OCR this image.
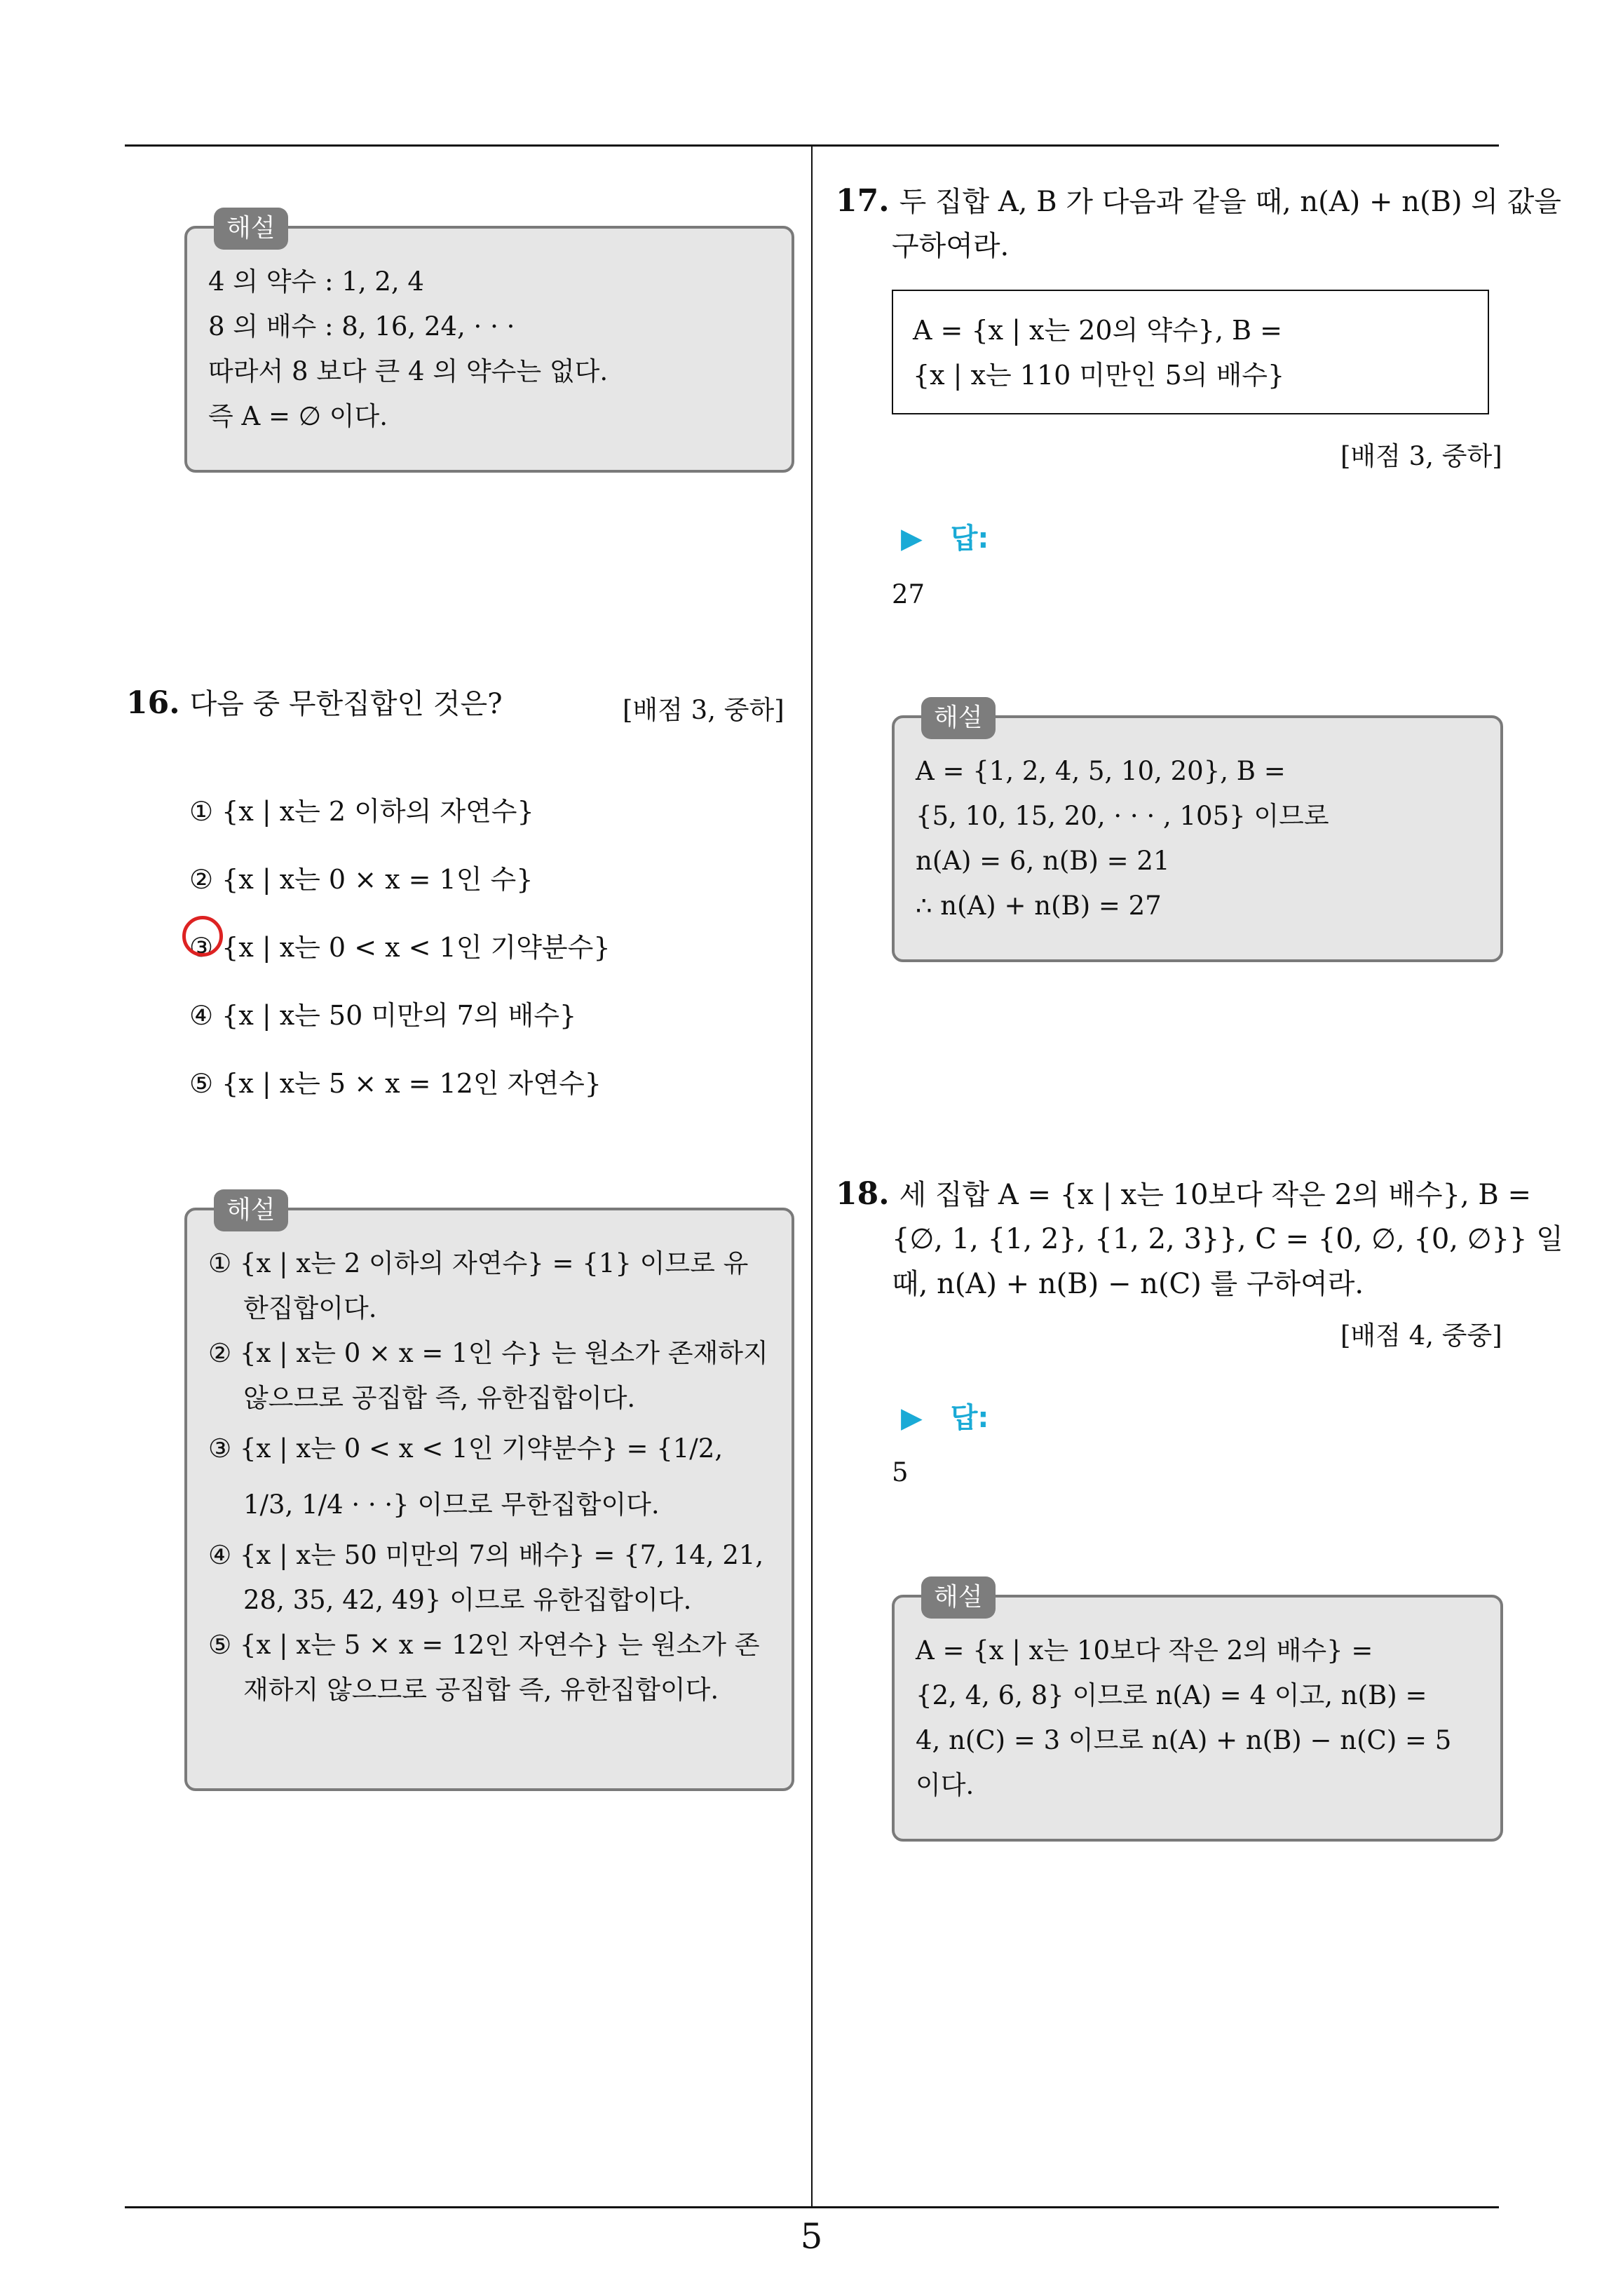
해설

4 의 약수 : 1, 2, 4

8 의 배수 : 8, 16, 24, · · ·

따라서 8 보다 큰 4 의 약수는 없다.

즉 A = ∅ 이다.

16. 다음 중 무한집합인 것은?	[배점 3, 중하]
① {x | x는 2 이하의 자연수}
② {x | x는 0 × x = 1인 수}
③ {x | x는 0 < x < 1인 기약분수}
④ {x | x는 50 미만의 7의 배수}
⑤ {x | x는 5 × x = 12인 자연수}
해설

① {x | x는 2 이하의 자연수} = {1} 이므로 유한집합이다.

② {x | x는 0 × x = 1인 수} 는 원소가 존재하지 않으므로 공집합 즉, 유한집합이다.

③ {x | x는 0 < x < 1인 기약분수} = {1/2, 1/3, 1/4 · · ·} 이므로 무한집합이다.

④ {x | x는 50 미만의 7의 배수} = {7, 14, 21, 28, 35, 42, 49} 이므로 유한집합이다.

⑤ {x | x는 5 × x = 12인 자연수} 는 원소가 존재하지 않으므로 공집합 즉, 유한집합이다.

17. 두 집합 A, B 가 다음과 같을 때, n(A) + n(B) 의 값을
구하여라.
A = {x | x는 20의 약수}, B =
{x | x는 110 미만인 5의 배수}
[배점 3, 중하]
▶ 답:
27
해설

A = {1, 2, 4, 5, 10, 20}, B =

{5, 10, 15, 20, · · · , 105} 이므로

n(A) = 6, n(B) = 21

∴ n(A) + n(B) = 27

18. 세 집합 A = {x | x는 10보다 작은 2의 배수}, B =
{∅, 1, {1, 2}, {1, 2, 3}}, C = {0, ∅, {0, ∅}} 일
때, n(A) + n(B) − n(C) 를 구하여라.
[배점 4, 중중]
▶ 답:
5
해설

A = {x | x는 10보다 작은 2의 배수} =

{2, 4, 6, 8} 이므로 n(A) = 4 이고, n(B) =

4, n(C) = 3 이므로 n(A) + n(B) − n(C) = 5

이다.

5
